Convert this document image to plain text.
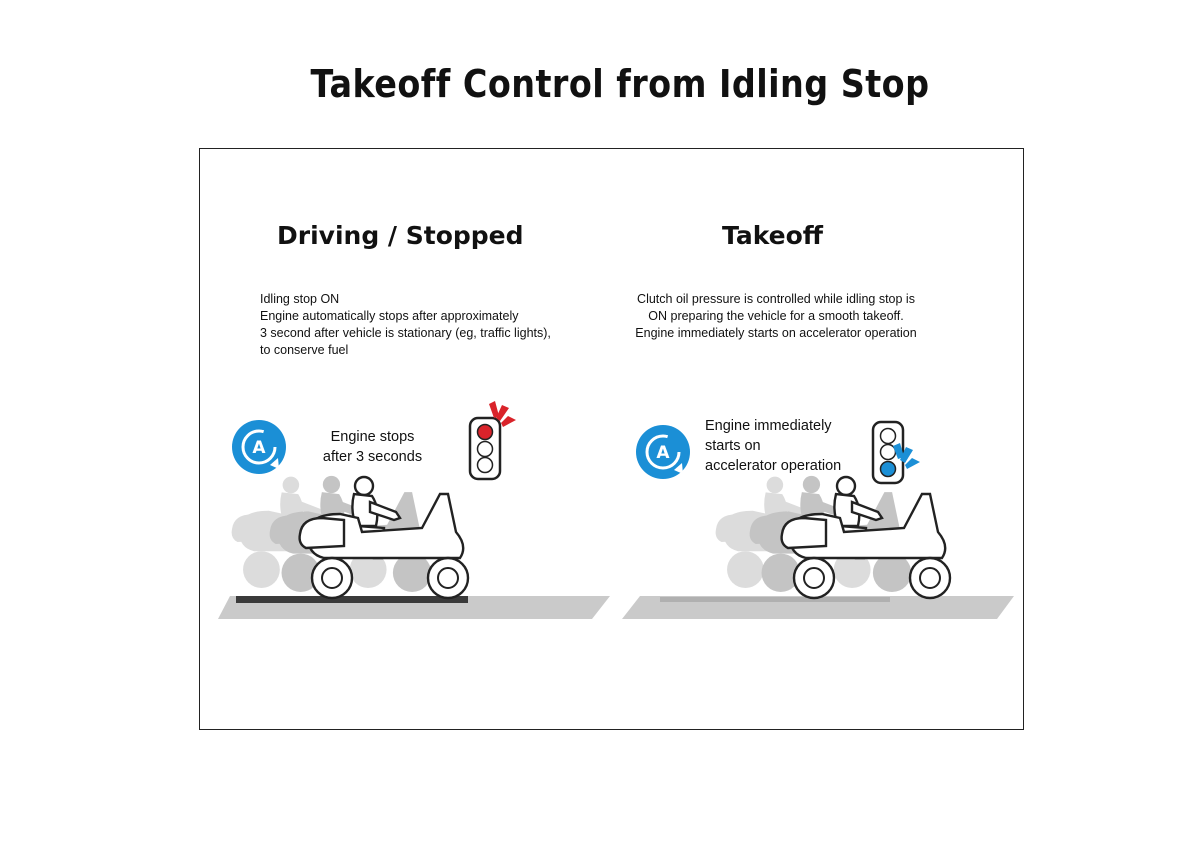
Takeoff Control from Idling Stop
Driving / Stopped
Idling stop ON
Engine automatically stops after approximately
3 second after vehicle is stationary (eg, traffic lights),
to conserve fuel
Engine stops
after 3 seconds
Takeoff
Clutch oil pressure is controlled while idling stop is
ON preparing the vehicle for a smooth takeoff.
Engine immediately starts on accelerator operation
Engine immediately
starts on
accelerator operation
A	A
